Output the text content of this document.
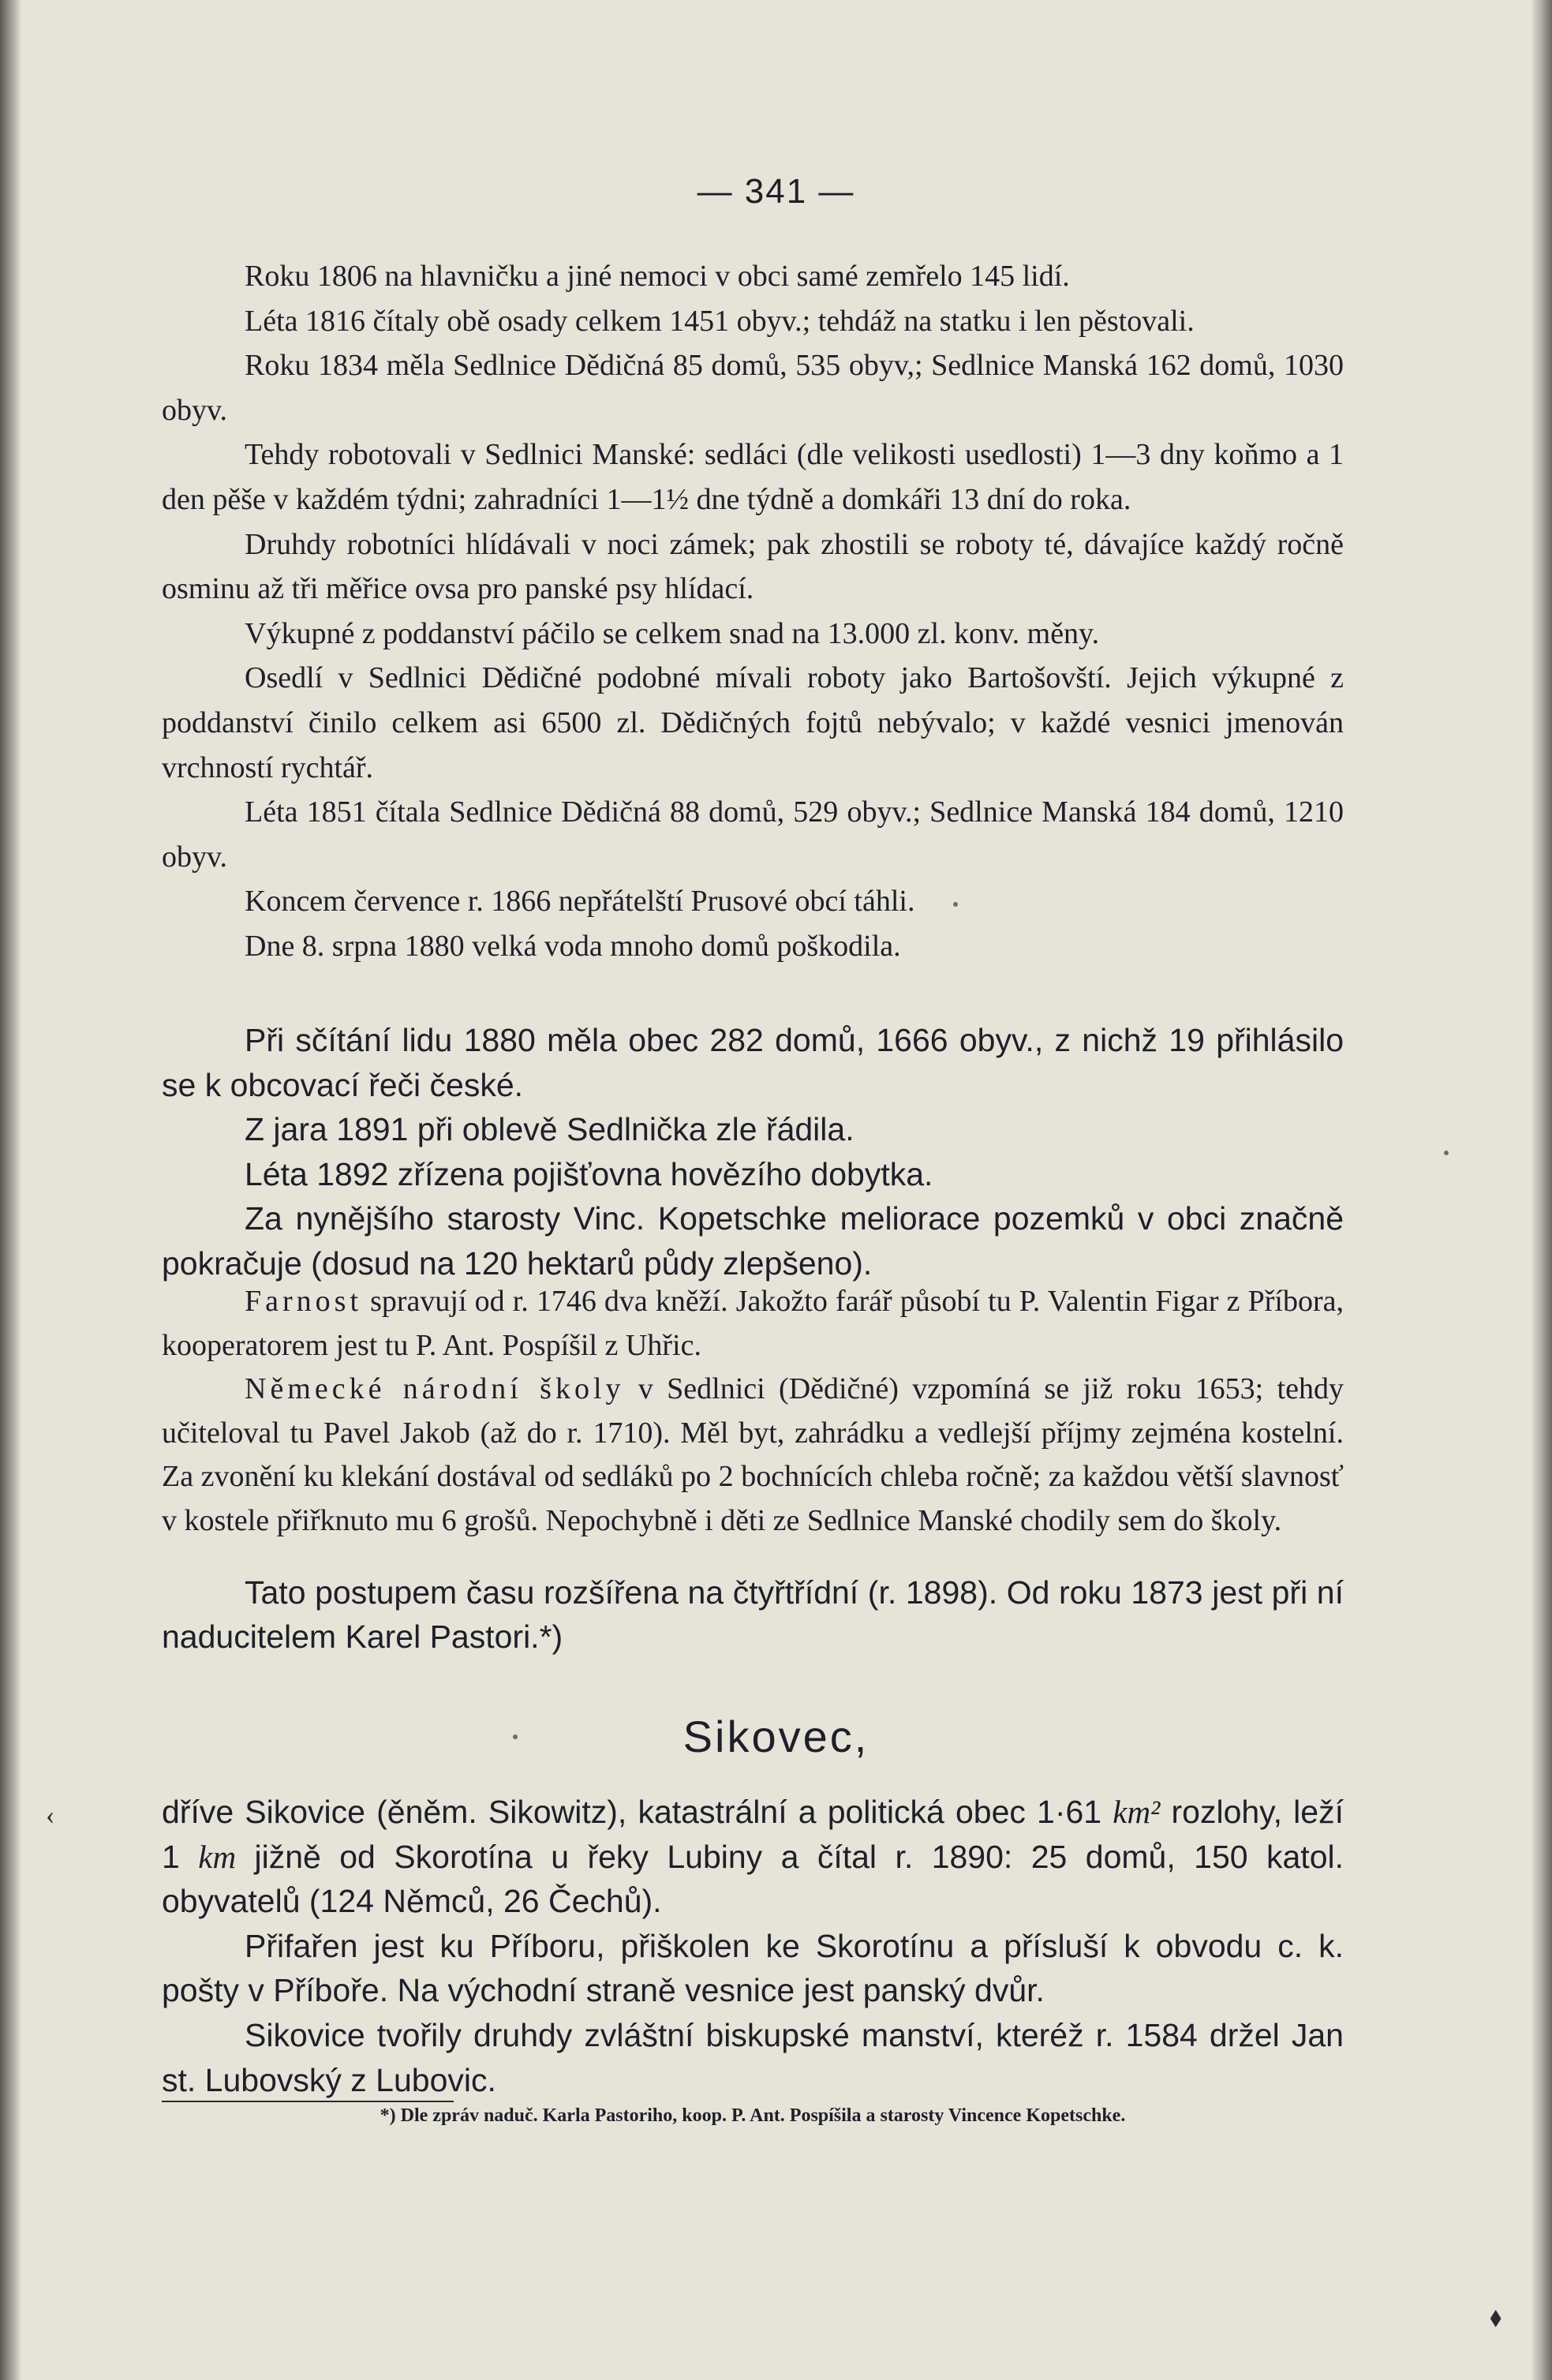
— 341 —

Roku 1806 na hlavničku a jiné nemoci v obci samé zemřelo 145 lidí.

Léta 1816 čítaly obě osady celkem 1451 obyv.; tehdáž na statku i len pěstovali.

Roku 1834 měla Sedlnice Dědičná 85 domů, 535 obyv,; Sedlnice Manská 162 domů, 1030 obyv.

Tehdy robotovali v Sedlnici Manské: sedláci (dle velikosti usedlosti) 1—3 dny koňmo a 1 den pěše v každém týdni; zahradníci 1—1½ dne týdně a domkáři 13 dní do roka.

Druhdy robotníci hlídávali v noci zámek; pak zhostili se roboty té, dávajíce každý ročně osminu až tři měřice ovsa pro panské psy hlídací.

Výkupné z poddanství páčilo se celkem snad na 13.000 zl. konv. měny.

Osedlí v Sedlnici Dědičné podobné mívali roboty jako Bartošovští. Jejich výkupné z poddanství činilo celkem asi 6500 zl. Dědičných fojtů nebývalo; v každé vesnici jmenován vrchností rychtář.

Léta 1851 čítala Sedlnice Dědičná 88 domů, 529 obyv.; Sedlnice Manská 184 domů, 1210 obyv.

Koncem července r. 1866 nepřátelští Prusové obcí táhli.

Dne 8. srpna 1880 velká voda mnoho domů poškodila.

Při sčítání lidu 1880 měla obec 282 domů, 1666 obyv., z nichž 19 přihlásilo se k obcovací řeči české.

Z jara 1891 při oblevě Sedlnička zle řádila.

Léta 1892 zřízena pojišťovna hovězího dobytka.

Za nynějšího starosty Vinc. Kopetschke meliorace pozemků v obci značně pokračuje (dosud na 120 hektarů půdy zlepšeno).

Farnost spravují od r. 1746 dva kněží. Jakožto farář působí tu P. Valentin Figar z Příbora, kooperatorem jest tu P. Ant. Pospíšil z Uhřic.

Německé národní školy v Sedlnici (Dědičné) vzpomíná se již roku 1653; tehdy učiteloval tu Pavel Jakob (až do r. 1710). Měl byt, zahrádku a vedlejší příjmy zejména kostelní. Za zvonění ku klekání dostával od sedláků po 2 bochnících chleba ročně; za každou větší slavnosť v kostele přiřknuto mu 6 grošů. Nepochybně i děti ze Sedlnice Manské chodily sem do školy.

Tato postupem času rozšířena na čtyřtřídní (r. 1898). Od roku 1873 jest při ní naducitelem Karel Pastori.*)

Sikovec,

dříve Sikovice (ěněm. Sikowitz), katastrální a politická obec 1·61 km² rozlohy, leží 1 km jižně od Skorotína u řeky Lubiny a čítal r. 1890: 25 domů, 150 katol. obyvatelů (124 Němců, 26 Čechů).

Přifařen jest ku Příboru, přiškolen ke Skorotínu a přísluší k obvodu c. k. pošty v Příboře. Na východní straně vesnice jest panský dvůr.

Sikovice tvořily druhdy zvláštní biskupské manství, kteréž r. 1584 držel Jan st. Lubovský z Lubovic.

*) Dle zpráv naduč. Karla Pastoriho, koop. P. Ant. Pospíšila a starosty Vincence Kopetschke.
‹
⬧
